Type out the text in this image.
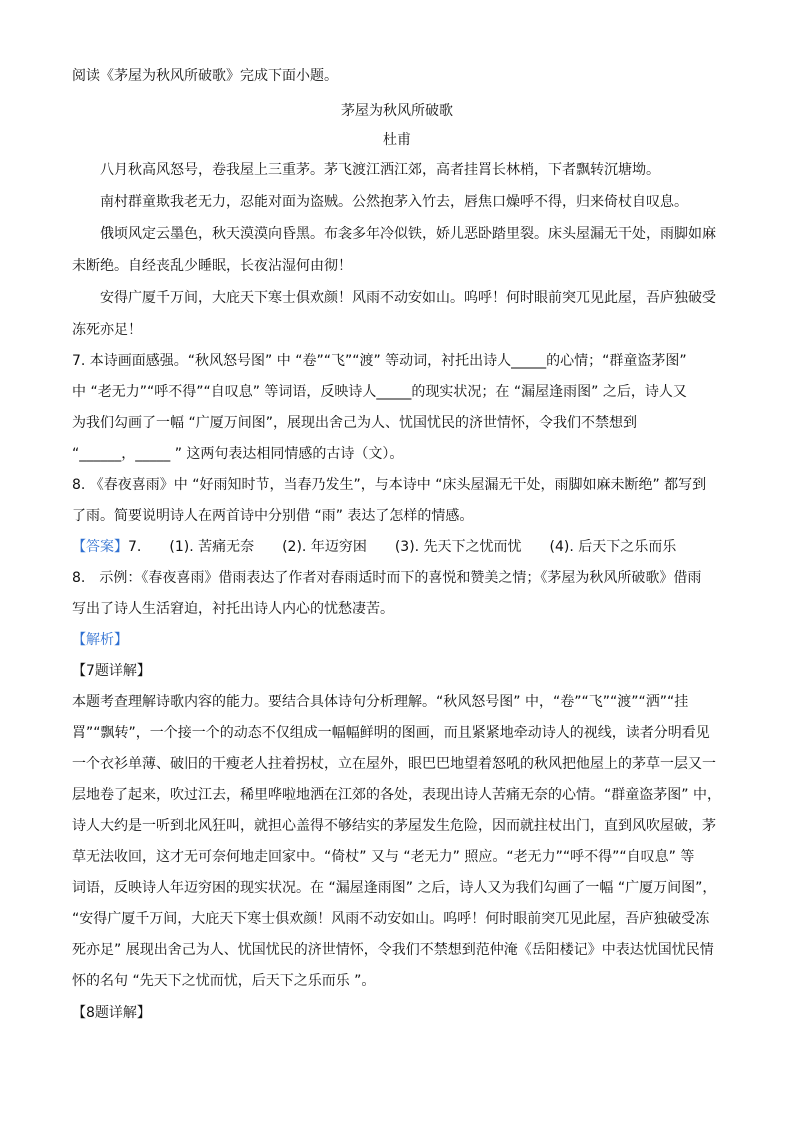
阅读《茅屋为秋风所破歌》完成下面小题。
茅屋为秋风所破歌
杜甫
八月秋高风怒号，卷我屋上三重茅。茅飞渡江洒江郊，高者挂罥长林梢，下者飘转沉塘坳。
南村群童欺我老无力，忍能对面为盗贼。公然抱茅入竹去，唇焦口燥呼不得，归来倚杖自叹息。
俄顷风定云墨色，秋天漠漠向昏黑。布衾多年冷似铁，娇儿恶卧踏里裂。床头屋漏无干处，雨脚如麻
未断绝。自经丧乱少睡眠，长夜沾湿何由彻！
安得广厦千万间，大庇天下寒士俱欢颜！风雨不动安如山。呜呼！何时眼前突兀见此屋，吾庐独破受
冻死亦足！
7. 本诗画面感强。“秋风怒号图” 中 “卷”“飞”“渡” 等动词，衬托出诗人_____的心情；“群童盗茅图”
中 “老无力”“呼不得”“自叹息” 等词语，反映诗人_____的现实状况；在 “漏屋逢雨图” 之后，诗人又
为我们勾画了一幅 “广厦万间图”，展现出舍己为人、忧国忧民的济世情怀，令我们不禁想到
“______，_____ ” 这两句表达相同情感的古诗（文）。
8. 《春夜喜雨》中 “好雨知时节，当春乃发生”，与本诗中 “床头屋漏无干处，雨脚如麻未断绝” 都写到
了雨。简要说明诗人在两首诗中分别借 “雨” 表达了怎样的情感。
【答案】7.　　(1). 苦痛无奈　　(2). 年迈穷困　　(3). 先天下之忧而忧　　(4). 后天下之乐而乐
8.　示例：《春夜喜雨》借雨表达了作者对春雨适时而下的喜悦和赞美之情；《茅屋为秋风所破歌》借雨
写出了诗人生活窘迫，衬托出诗人内心的忧愁凄苦。
【解析】
【7题详解】
本题考查理解诗歌内容的能力。要结合具体诗句分析理解。“秋风怒号图” 中，“卷”“飞”“渡”“洒”“挂
罥”“飘转”，一个接一个的动态不仅组成一幅幅鲜明的图画，而且紧紧地牵动诗人的视线，读者分明看见
一个衣衫单薄、破旧的干瘦老人拄着拐杖，立在屋外，眼巴巴地望着怒吼的秋风把他屋上的茅草一层又一
层地卷了起来，吹过江去，稀里哗啦地洒在江郊的各处，表现出诗人苦痛无奈的心情。“群童盗茅图” 中，
诗人大约是一听到北风狂叫，就担心盖得不够结实的茅屋发生危险，因而就拄杖出门，直到风吹屋破，茅
草无法收回，这才无可奈何地走回家中。“倚杖” 又与 “老无力” 照应。“老无力”“呼不得”“自叹息” 等
词语，反映诗人年迈穷困的现实状况。在 “漏屋逢雨图” 之后，诗人又为我们勾画了一幅 “广厦万间图”，
“安得广厦千万间，大庇天下寒士俱欢颜！风雨不动安如山。呜呼！何时眼前突兀见此屋，吾庐独破受冻
死亦足” 展现出舍己为人、忧国忧民的济世情怀，令我们不禁想到范仲淹《岳阳楼记》中表达忧国忧民情
怀的名句 “先天下之忧而忧，后天下之乐而乐 ”。
【8题详解】
